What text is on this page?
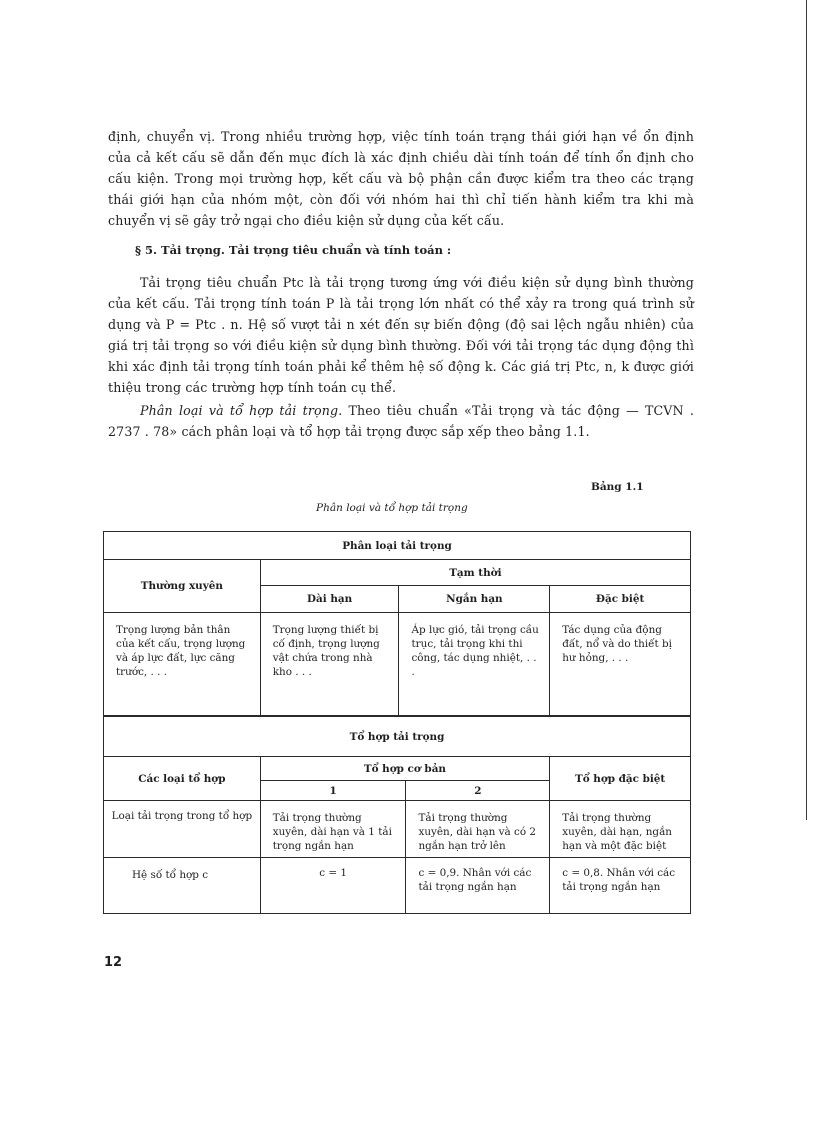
định, chuyển vị. Trong nhiều trường hợp, việc tính toán trạng thái giới hạn về ổn định của cả kết cấu sẽ dẫn đến mục đích là xác định chiều dài tính toán để tính ổn định cho cấu kiện. Trong mọi trường hợp, kết cấu và bộ phận cần được kiểm tra theo các trạng thái giới hạn của nhóm một, còn đối với nhóm hai thì chỉ tiến hành kiểm tra khi mà chuyển vị sẽ gây trở ngại cho điều kiện sử dụng của kết cấu.

§ 5. Tải trọng. Tải trọng tiêu chuẩn và tính toán :

Tải trọng tiêu chuẩn Ptc là tải trọng tương ứng với điều kiện sử dụng bình thường của kết cấu. Tải trọng tính toán P là tải trọng lớn nhất có thể xảy ra trong quá trình sử dụng và P = Ptc . n. Hệ số vượt tải n xét đến sự biến động (độ sai lệch ngẫu nhiên) của giá trị tải trọng so với điều kiện sử dụng bình thường. Đối với tải trọng tác dụng động thì khi xác định tải trọng tính toán phải kể thêm hệ số động k. Các giá trị Ptc, n, k được giới thiệu trong các trường hợp tính toán cụ thể.

Phân loại và tổ hợp tải trọng. Theo tiêu chuẩn «Tải trọng và tác động — TCVN . 2737 . 78» cách phân loại và tổ hợp tải trọng được sắp xếp theo bảng 1.1.

Bảng 1.1
Phân loại và tổ hợp tải trọng
Phân loại tải trọng			
Thường xuyên	Tạm thời		
	Dài hạn	Ngắn hạn	Đặc biệt
Trọng lượng bản thân của kết cấu, trọng lượng và áp lực đất, lực căng trước, . . .	Trọng lượng thiết bị cố định, trọng lượng vật chứa trong nhà kho . . .	Áp lực gió, tải trọng cầu trục, tải trọng khi thi công, tác dụng nhiệt, . . .	Tác dụng của động đất, nổ và do thiết bị hư hỏng, . . .
Tổ hợp tải trọng			
Các loại tổ hợp	Tổ hợp cơ bản		Tổ hợp đặc biệt
	1	2	
Loại tải trọng trong tổ hợp	Tải trọng thường xuyên, dài hạn và 1 tải trọng ngắn hạn	Tải trọng thường xuyên, dài hạn và có 2 ngắn hạn trở lên	Tải trọng thường xuyên, dài hạn, ngắn hạn và một đặc biệt
Hệ số tổ hợp c	c = 1	c = 0,9. Nhân với các tải trọng ngắn hạn	c = 0,8. Nhân với các tải trọng ngắn hạn
12
